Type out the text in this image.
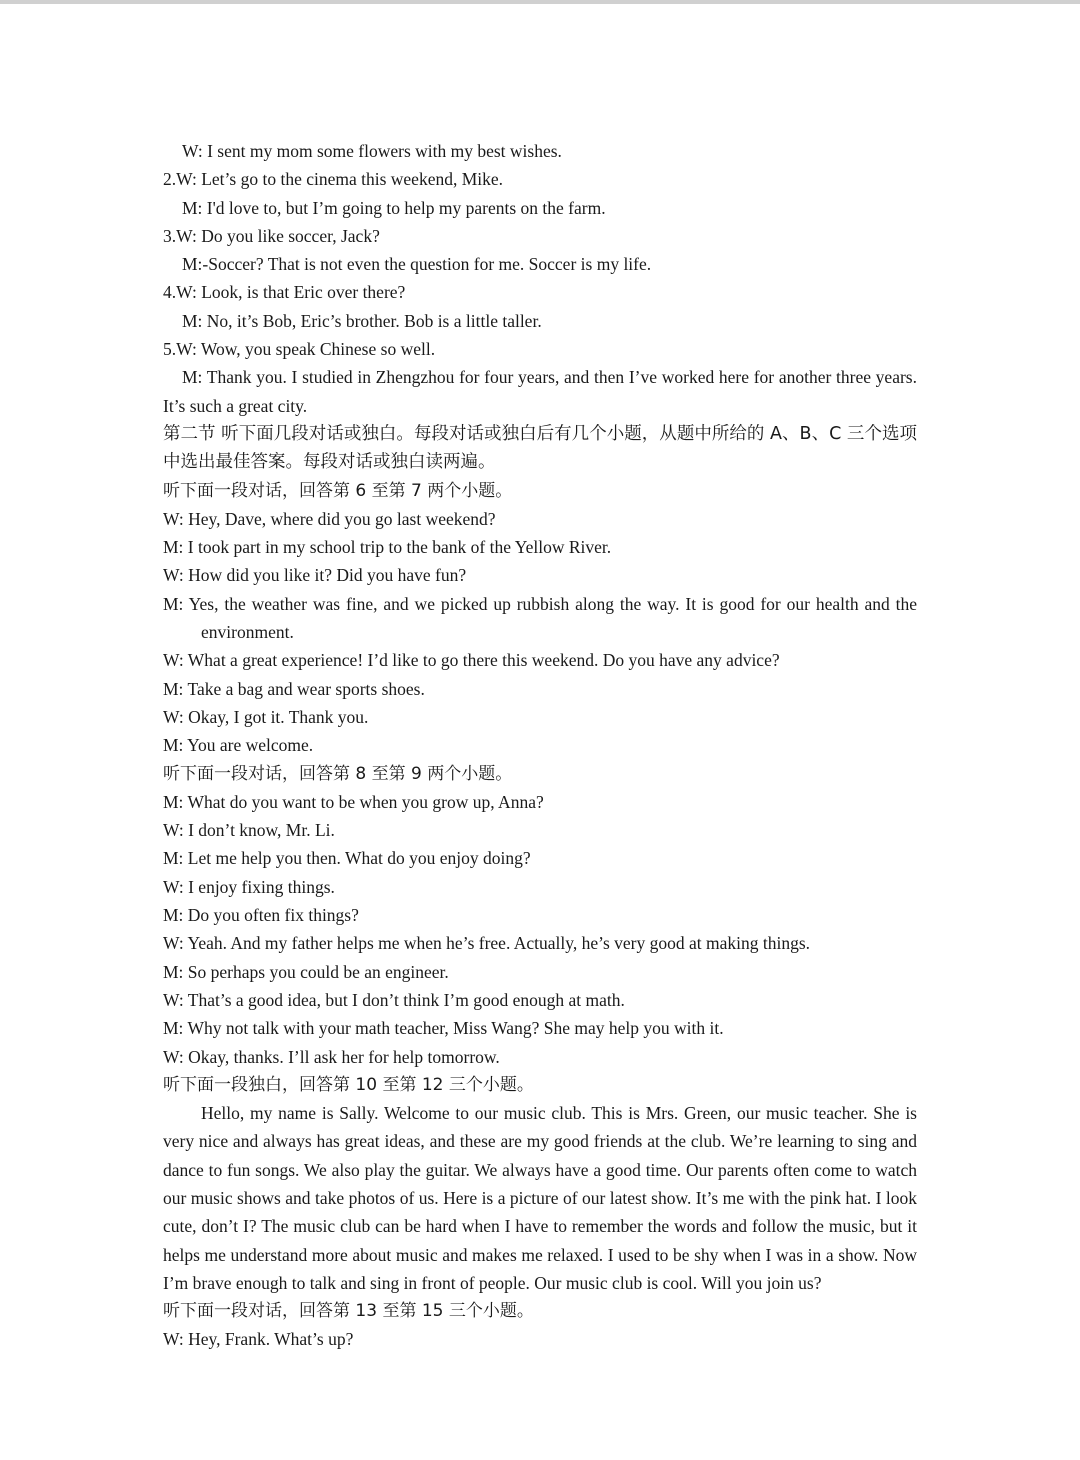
W: I sent my mom some flowers with my best wishes.
2.W: Let’s go to the cinema this weekend, Mike.
M: I'd love to, but I’m going to help my parents on the farm.
3.W: Do you like soccer, Jack?
M:-Soccer? That is not even the question for me. Soccer is my life.
4.W: Look, is that Eric over there?
M: No, it’s Bob, Eric’s brother. Bob is a little taller.
5.W: Wow, you speak Chinese so well.
M: Thank you. I studied in Zhengzhou for four years, and then I’ve worked here for another three years. It’s such a great city.
第二节 听下面几段对话或独白。每段对话或独白后有几个小题，从题中所给的 A、B、C 三个选项中选出最佳答案。每段对话或独白读两遍。
听下面一段对话，回答第 6 至第 7 两个小题。
W: Hey, Dave, where did you go last weekend?
M: I took part in my school trip to the bank of the Yellow River.
W: How did you like it? Did you have fun?
M: Yes, the weather was fine, and we picked up rubbish along the way. It is good for our health and the environment.
W: What a great experience! I’d like to go there this weekend. Do you have any advice?
M: Take a bag and wear sports shoes.
W: Okay, I got it. Thank you.
M: You are welcome.
听下面一段对话，回答第 8 至第 9 两个小题。
M: What do you want to be when you grow up, Anna?
W: I don’t know, Mr. Li.
M: Let me help you then. What do you enjoy doing?
W: I enjoy fixing things.
M: Do you often fix things?
W: Yeah. And my father helps me when he’s free. Actually, he’s very good at making things.
M: So perhaps you could be an engineer.
W: That’s a good idea, but I don’t think I’m good enough at math.
M: Why not talk with your math teacher, Miss Wang? She may help you with it.
W: Okay, thanks. I’ll ask her for help tomorrow.
听下面一段独白，回答第 10 至第 12 三个小题。
Hello, my name is Sally. Welcome to our music club. This is Mrs. Green, our music teacher. She is very nice and always has great ideas, and these are my good friends at the club. We’re learning to sing and dance to fun songs. We also play the guitar. We always have a good time. Our parents often come to watch our music shows and take photos of us. Here is a picture of our latest show. It’s me with the pink hat. I look cute, don’t I? The music club can be hard when I have to remember the words and follow the music, but it helps me understand more about music and makes me relaxed. I used to be shy when I was in a show. Now I’m brave enough to talk and sing in front of people. Our music club is cool. Will you join us?
听下面一段对话，回答第 13 至第 15 三个小题。
W: Hey, Frank. What’s up?
